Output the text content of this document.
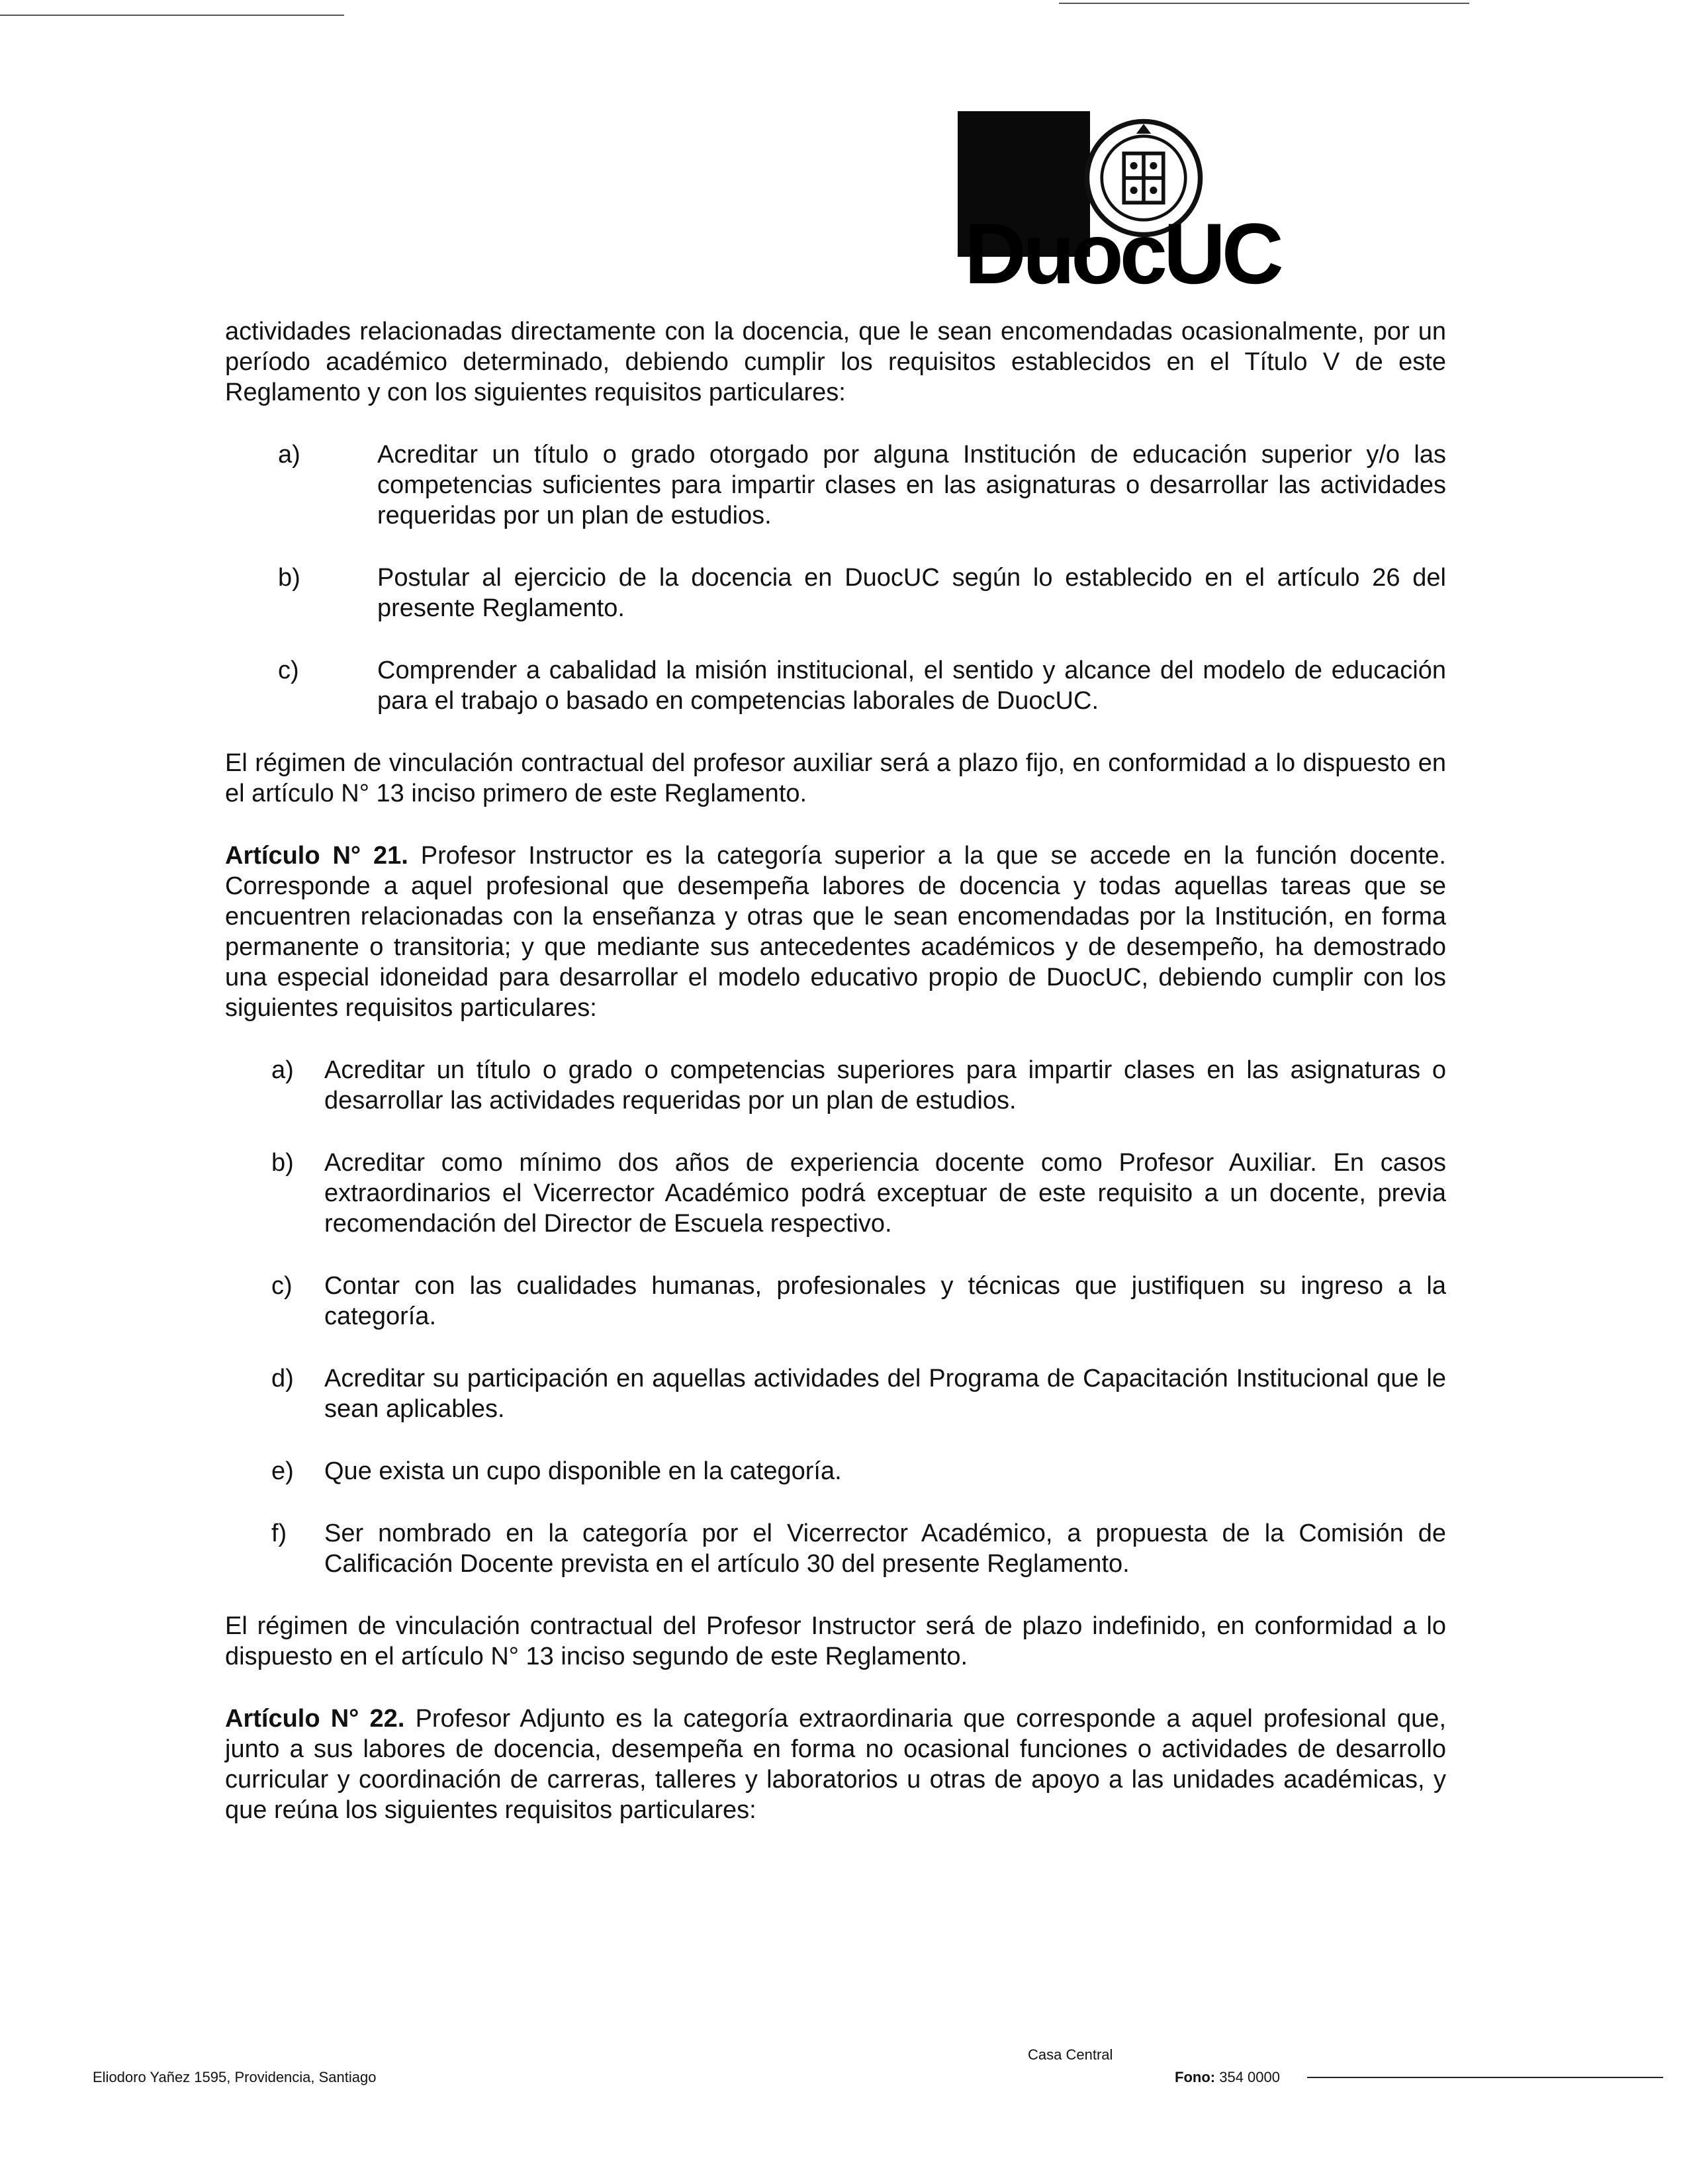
DuocUC

actividades relacionadas directamente con la docencia, que le sean encomendadas ocasionalmente, por un período académico determinado, debiendo cumplir los requisitos establecidos en el Título V de este Reglamento y con los siguientes requisitos particulares:

a)	Acreditar un título o grado otorgado por alguna Institución de educación superior y/o las competencias suficientes para impartir clases en las asignaturas o desarrollar las actividades requeridas por un plan de estudios.
b)	Postular al ejercicio de la docencia en DuocUC según lo establecido en el artículo 26 del presente Reglamento.
c)	Comprender a cabalidad la misión institucional, el sentido y alcance del modelo de educación para el trabajo o basado en competencias laborales de DuocUC.

El régimen de vinculación contractual del profesor auxiliar será a plazo fijo, en conformidad a lo dispuesto en el artículo N° 13 inciso primero de este Reglamento.

Artículo N° 21. Profesor Instructor es la categoría superior a la que se accede en la función docente. Corresponde a aquel profesional que desempeña labores de docencia y todas aquellas tareas que se encuentren relacionadas con la enseñanza y otras que le sean encomendadas por la Institución, en forma permanente o transitoria; y que mediante sus antecedentes académicos y de desempeño, ha demostrado una especial idoneidad para desarrollar el modelo educativo propio de DuocUC, debiendo cumplir con los siguientes requisitos particulares:

a) Acreditar un título o grado o competencias superiores para impartir clases en las asignaturas o desarrollar las actividades requeridas por un plan de estudios.
b) Acreditar como mínimo dos años de experiencia docente como Profesor Auxiliar. En casos extraordinarios el Vicerrector Académico podrá exceptuar de este requisito a un docente, previa recomendación del Director de Escuela respectivo.
c) Contar con las cualidades humanas, profesionales y técnicas que justifiquen su ingreso a la categoría.
d) Acreditar su participación en aquellas actividades del Programa de Capacitación Institucional que le sean aplicables.
e) Que exista un cupo disponible en la categoría.
f) Ser nombrado en la categoría por el Vicerrector Académico, a propuesta de la Comisión de Calificación Docente prevista en el artículo 30 del presente Reglamento.

El régimen de vinculación contractual del Profesor Instructor será de plazo indefinido, en conformidad a lo dispuesto en el artículo N° 13 inciso segundo de este Reglamento.

Artículo N° 22. Profesor Adjunto es la categoría extraordinaria que corresponde a aquel profesional que, junto a sus labores de docencia, desempeña en forma no ocasional funciones o actividades de desarrollo curricular y coordinación de carreras, talleres y laboratorios u otras de apoyo a las unidades académicas, y que reúna los siguientes requisitos particulares:

Casa Central
Eliodoro Yañez 1595, Providencia, Santiago	Fono: 354 0000
